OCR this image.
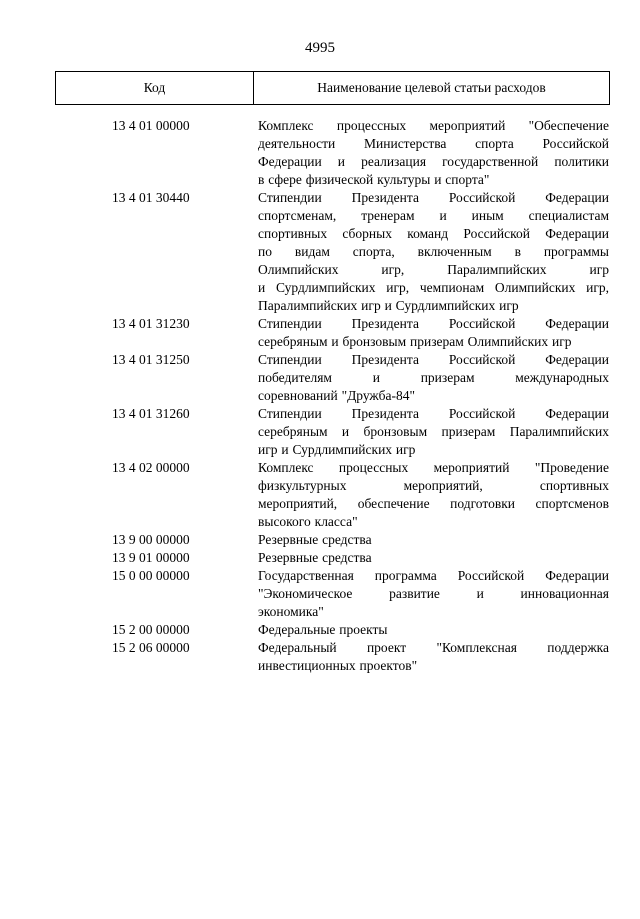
4995
Код	Наименование целевой статьи расходов
13 4 01 00000	Комплекс процессных мероприятий "Обеспечение
деятельности Министерства спорта Российской
Федерации и реализация государственной политики
в сфере физической культуры и спорта"
13 4 01 30440	Стипендии Президента Российской Федерации
спортсменам, тренерам и иным специалистам
спортивных сборных команд Российской Федерации
по видам спорта, включенным в программы
Олимпийских игр, Паралимпийских игр
и Сурдлимпийских игр, чемпионам Олимпийских игр,
Паралимпийских игр и Сурдлимпийских игр
13 4 01 31230	Стипендии Президента Российской Федерации
серебряным и бронзовым призерам Олимпийских игр
13 4 01 31250	Стипендии Президента Российской Федерации
победителям и призерам международных
соревнований "Дружба-84"
13 4 01 31260	Стипендии Президента Российской Федерации
серебряным и бронзовым призерам Паралимпийских
игр и Сурдлимпийских игр
13 4 02 00000	Комплекс процессных мероприятий "Проведение
физкультурных мероприятий, спортивных
мероприятий, обеспечение подготовки спортсменов
высокого класса"
13 9 00 00000	Резервные средства
13 9 01 00000	Резервные средства
15 0 00 00000	Государственная программа Российской Федерации
"Экономическое развитие и инновационная
экономика"
15 2 00 00000	Федеральные проекты
15 2 06 00000	Федеральный проект "Комплексная поддержка
инвестиционных проектов"
